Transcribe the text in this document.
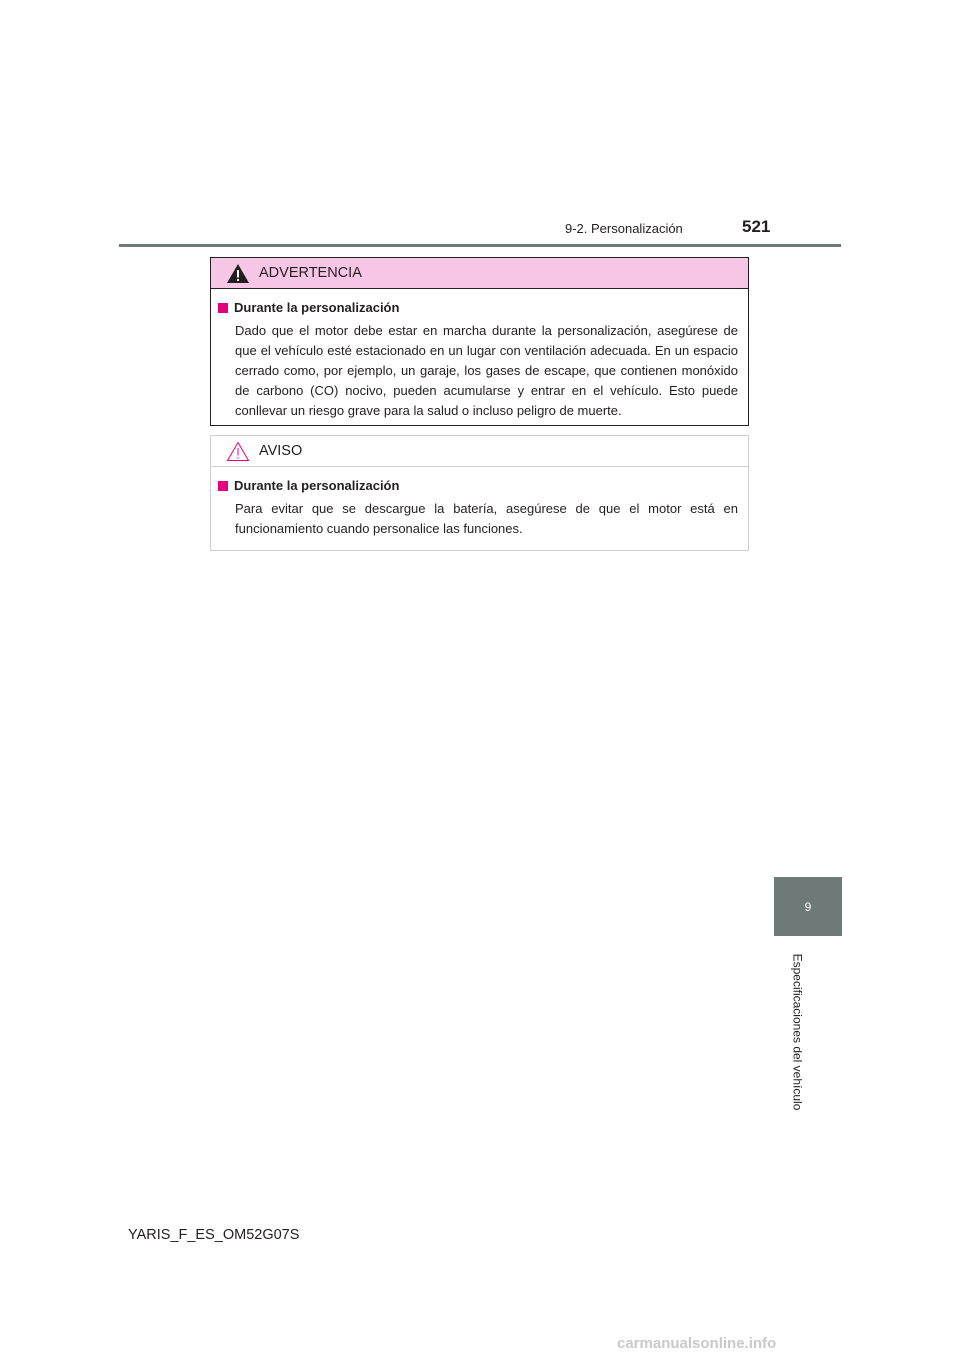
9-2. Personalización	521
ADVERTENCIA
Durante la personalización

Dado que el motor debe estar en marcha durante la personalización, asegúrese de que el vehículo esté estacionado en un lugar con ventilación adecuada. En un espacio cerrado como, por ejemplo, un garaje, los gases de escape, que contienen monóxido de carbono (CO) nocivo, pueden acumularse y entrar en el vehículo. Esto puede conllevar un riesgo grave para la salud o incluso peligro de muerte.

AVISO
Durante la personalización

Para evitar que se descargue la batería, asegúrese de que el motor está en funcionamiento cuando personalice las funciones.

9
Especificaciones del vehículo
YARIS_F_ES_OM52G07S
carmanualsonline.info
